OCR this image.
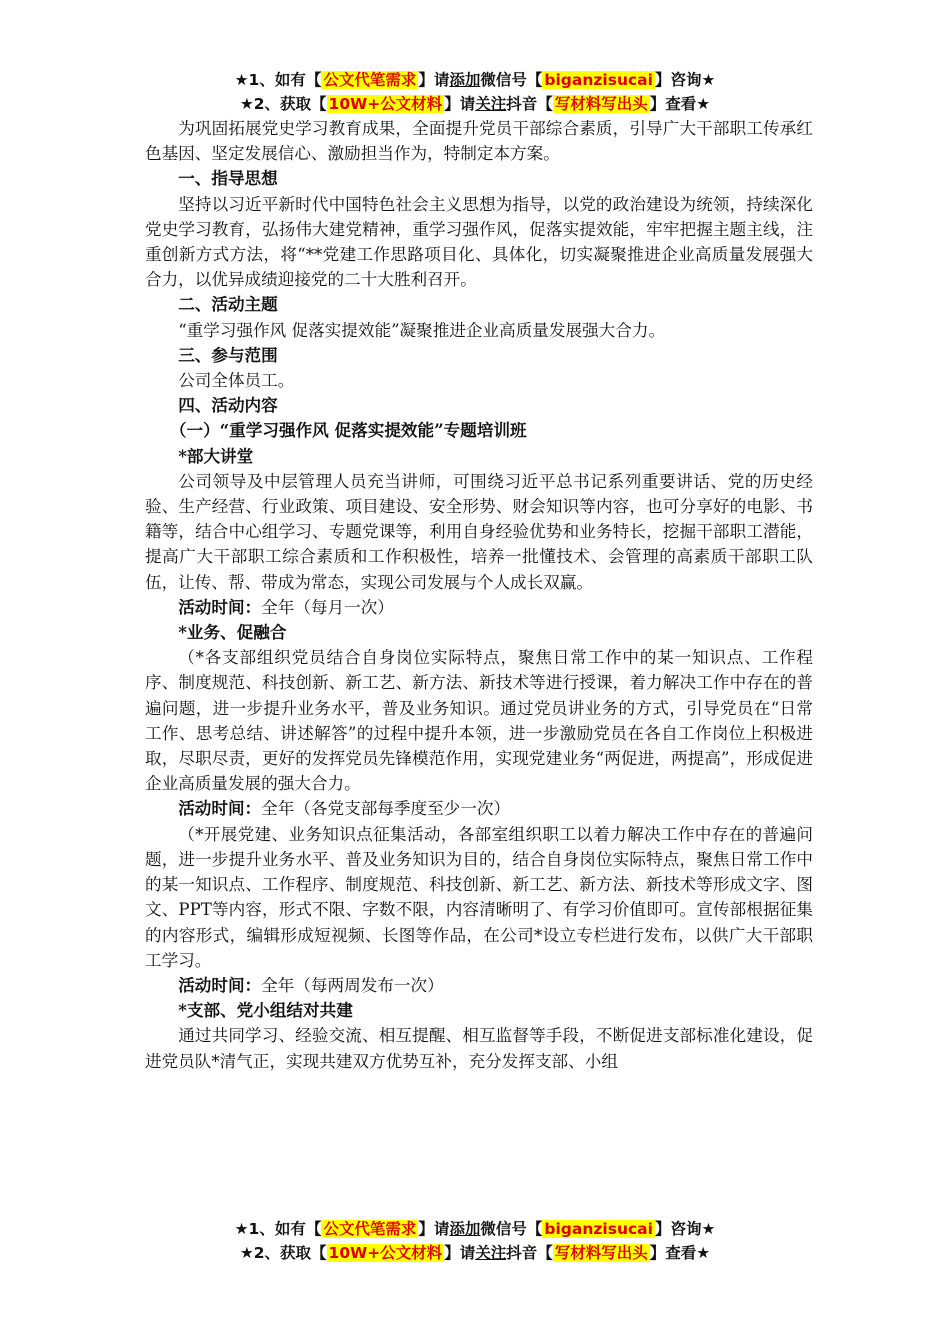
★1、如有【 公文代笔需求 】请添加微信号【 biganzisucai 】咨询★
★2、获取【 10W+公文材料 】请关注抖音【 写材料写出头 】查看★

为巩固拓展党史学习教育成果，全面提升党员干部综合素质，引导广大干部职工传承红色基因、坚定发展信心、激励担当作为，特制定本方案。

一、指导思想

坚持以习近平新时代中国特色社会主义思想为指导，以党的政治建设为统领，持续深化党史学习教育，弘扬伟大建党精神，重学习强作风，促落实提效能，牢牢把握主题主线，注重创新方式方法，将“**党建工作思路项目化、具体化，切实凝聚推进企业高质量发展强大合力，以优异成绩迎接党的二十大胜利召开。

二、活动主题

“重学习强作风 促落实提效能”凝聚推进企业高质量发展强大合力。

三、参与范围

公司全体员工。

四、活动内容

（一）“重学习强作风 促落实提效能”专题培训班

*部大讲堂

公司领导及中层管理人员充当讲师，可围绕习近平总书记系列重要讲话、党的历史经验、生产经营、行业政策、项目建设、安全形势、财会知识等内容，也可分享好的电影、书籍等，结合中心组学习、专题党课等，利用自身经验优势和业务特长，挖掘干部职工潜能，提高广大干部职工综合素质和工作积极性，培养一批懂技术、会管理的高素质干部职工队伍，让传、帮、带成为常态，实现公司发展与个人成长双赢。

活动时间：全年（每月一次）

*业务、促融合

（*各支部组织党员结合自身岗位实际特点，聚焦日常工作中的某一知识点、工作程序、制度规范、科技创新、新工艺、新方法、新技术等进行授课，着力解决工作中存在的普遍问题，进一步提升业务水平，普及业务知识。通过党员讲业务的方式，引导党员在“日常工作、思考总结、讲述解答”的过程中提升本领，进一步激励党员在各自工作岗位上积极进取，尽职尽责，更好的发挥党员先锋模范作用，实现党建业务“两促进，两提高”，形成促进企业高质量发展的强大合力。

活动时间：全年（各党支部每季度至少一次）

（*开展党建、业务知识点征集活动，各部室组织职工以着力解决工作中存在的普遍问题，进一步提升业务水平、普及业务知识为目的，结合自身岗位实际特点，聚焦日常工作中的某一知识点、工作程序、制度规范、科技创新、新工艺、新方法、新技术等形成文字、图文、PPT等内容，形式不限、字数不限，内容清晰明了、有学习价值即可。宣传部根据征集的内容形式，编辑形成短视频、长图等作品，在公司*设立专栏进行发布，以供广大干部职工学习。

活动时间：全年（每两周发布一次）

*支部、党小组结对共建

通过共同学习、经验交流、相互提醒、相互监督等手段，不断促进支部标准化建设，促进党员队*清气正，实现共建双方优势互补，充分发挥支部、小组

★1、如有【 公文代笔需求 】请添加微信号【 biganzisucai 】咨询★
★2、获取【 10W+公文材料 】请关注抖音【 写材料写出头 】查看★
